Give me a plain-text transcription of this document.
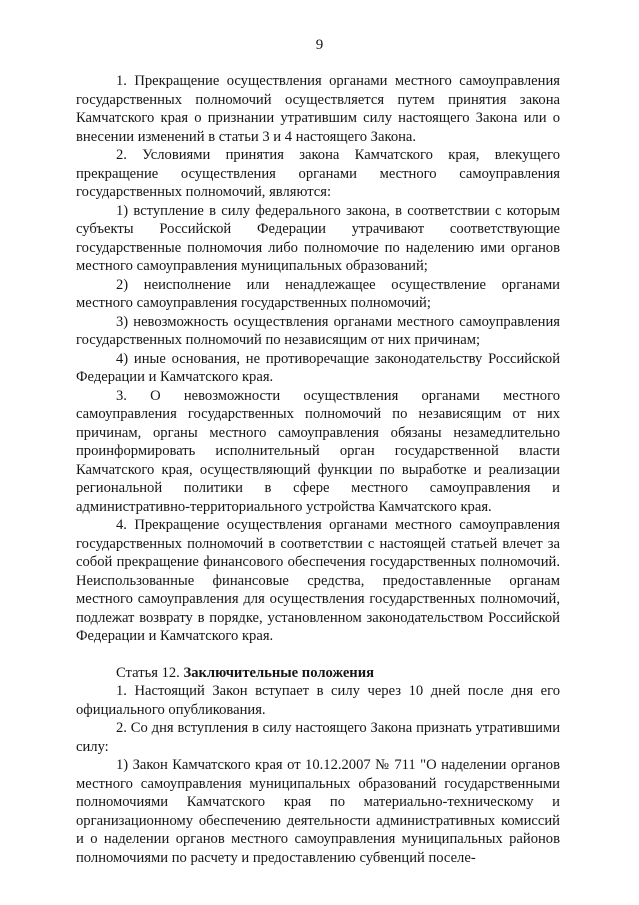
9

1. Прекращение осуществления органами местного самоуправления государственных полномочий осуществляется путем принятия закона Камчатского края о признании утратившим силу настоящего Закона или о внесении изменений в статьи 3 и 4 настоящего Закона.

2. Условиями принятия закона Камчатского края, влекущего прекращение осуществления органами местного самоуправления государственных полномочий, являются:

1) вступление в силу федерального закона, в соответствии с которым субъекты Российской Федерации утрачивают соответствующие государственные полномочия либо полномочие по наделению ими органов местного самоуправления муниципальных образований;

2) неисполнение или ненадлежащее осуществление органами местного самоуправления государственных полномочий;

3) невозможность осуществления органами местного самоуправления государственных полномочий по независящим от них причинам;

4) иные основания, не противоречащие законодательству Российской Федерации и Камчатского края.

3. О невозможности осуществления органами местного самоуправления государственных полномочий по независящим от них причинам, органы местного самоуправления обязаны незамедлительно проинформировать исполнительный орган государственной власти Камчатского края, осуществляющий функции по выработке и реализации региональной политики в сфере местного самоуправления и административно-территориального устройства Камчатского края.

4. Прекращение осуществления органами местного самоуправления государственных полномочий в соответствии с настоящей статьей влечет за собой прекращение финансового обеспечения государственных полномочий. Неиспользованные финансовые средства, предоставленные органам местного самоуправления для осуществления государственных полномочий, подлежат возврату в порядке, установленном законодательством Российской Федерации и Камчатского края.

Статья 12. Заключительные положения

1. Настоящий Закон вступает в силу через 10 дней после дня его официального опубликования.

2. Со дня вступления в силу настоящего Закона признать утратившими силу:

1) Закон Камчатского края от 10.12.2007 № 711 "О наделении органов местного самоуправления муниципальных образований государственными полномочиями Камчатского края по материально-техническому и организационному обеспечению деятельности административных комиссий и о наделении органов местного самоуправления муниципальных районов полномочиями по расчету и предоставлению субвенций поселе-
